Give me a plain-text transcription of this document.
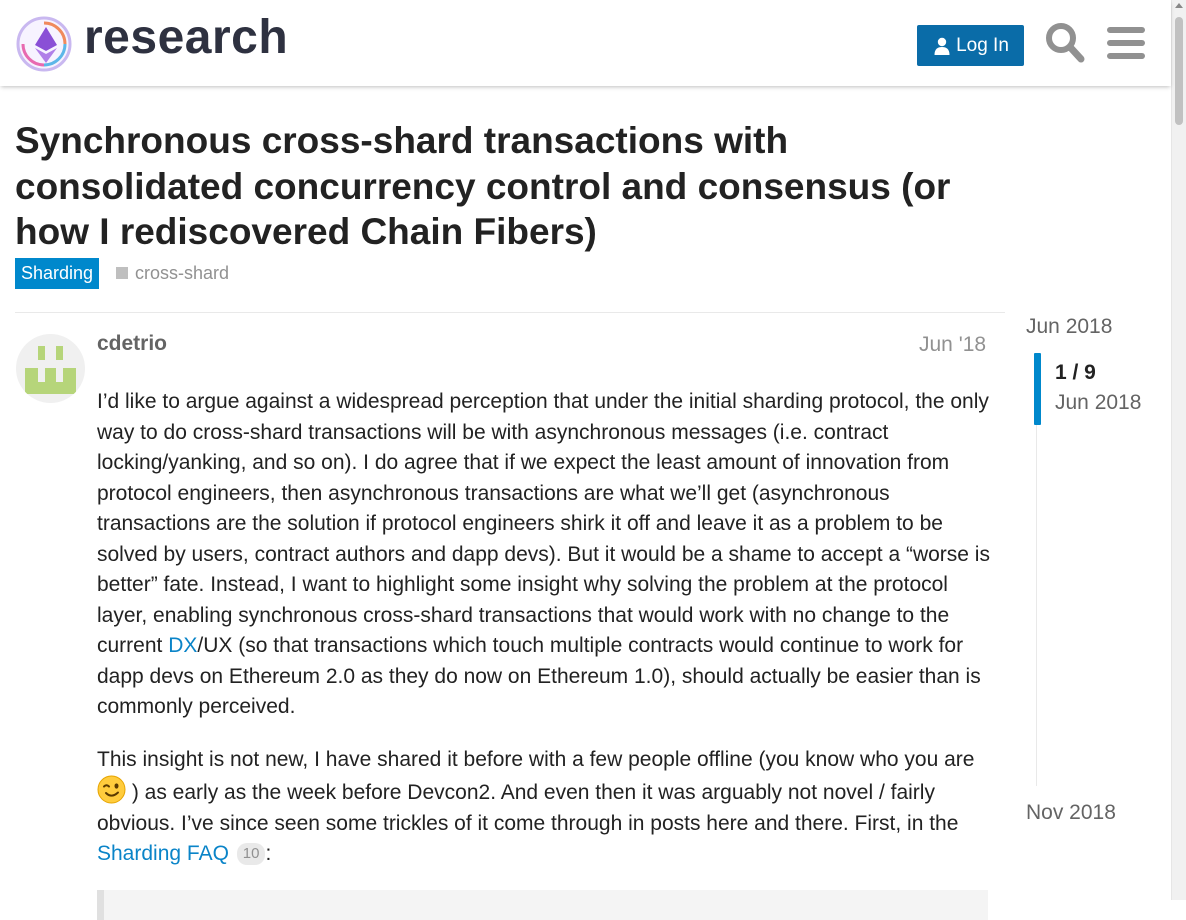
research	Log In
Synchronous cross-shard transactions with consolidated concurrency control and consensus (or how I rediscovered Chain Fibers)
Sharding	cross-shard
cdetrio	Jun '18

I’d like to argue against a widespread perception that under the initial sharding protocol, the only way to do cross-shard transactions will be with asynchronous messages (i.e. contract locking/yanking, and so on). I do agree that if we expect the least amount of innovation from protocol engineers, then asynchronous transactions are what we’ll get (asynchronous transactions are the solution if protocol engineers shirk it off and leave it as a problem to be solved by users, contract authors and dapp devs). But it would be a shame to accept a “worse is better” fate. Instead, I want to highlight some insight why solving the problem at the protocol layer, enabling synchronous cross-shard transactions that would work with no change to the current DX/UX (so that transactions which touch multiple contracts would continue to work for dapp devs on Ethereum 2.0 as they do now on Ethereum 1.0), should actually be easier than is commonly perceived.

This insight is not new, I have shared it before with a few people offline (you know who you are  ) as early as the week before Devcon2. And even then it was arguably not novel / fairly obvious. I’ve since seen some trickles of it come through in posts here and there. First, in the Sharding FAQ 10 :

Jun 2018
1 / 9
Jun 2018
Nov 2018
